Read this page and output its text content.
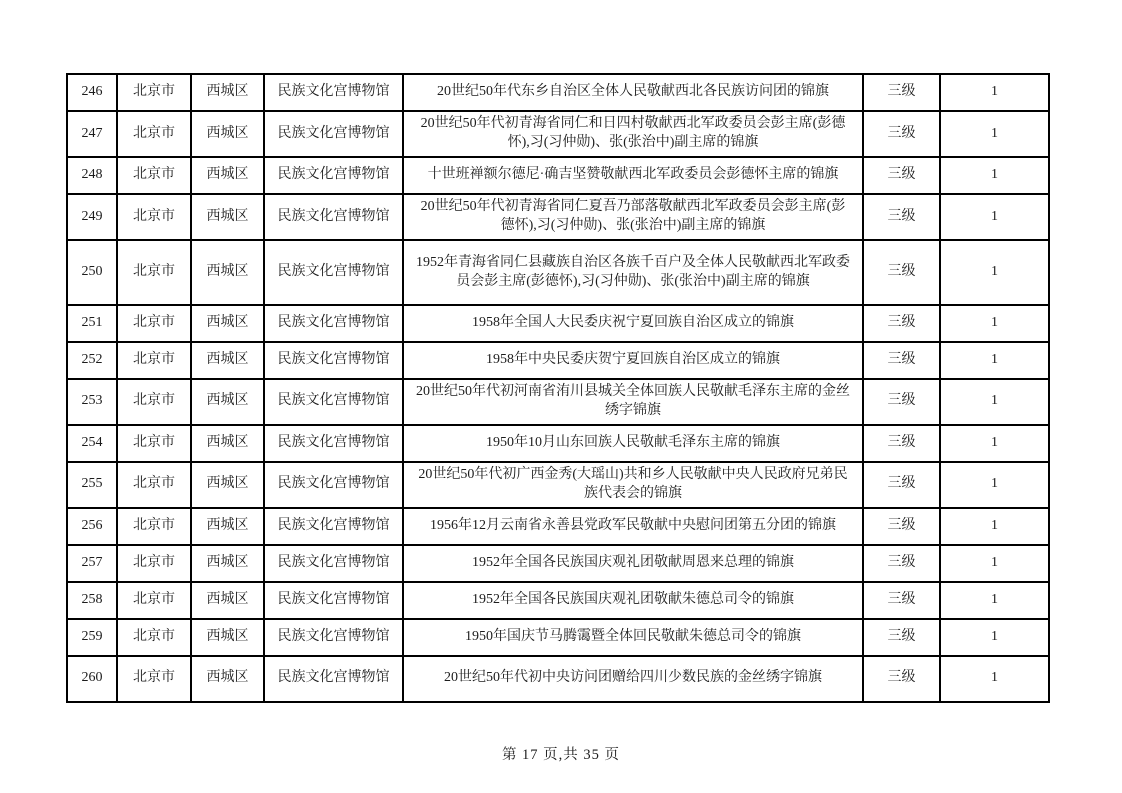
246	北京市	西城区	民族文化宫博物馆	20世纪50年代东乡自治区全体人民敬献西北各民族访问团的锦旗	三级	1
247	北京市	西城区	民族文化宫博物馆	20世纪50年代初青海省同仁和日四村敬献西北军政委员会彭主席(彭德怀),习(习仲勋)、张(张治中)副主席的锦旗	三级	1
248	北京市	西城区	民族文化宫博物馆	十世班禅额尔德尼·确吉坚赞敬献西北军政委员会彭德怀主席的锦旗	三级	1
249	北京市	西城区	民族文化宫博物馆	20世纪50年代初青海省同仁夏吾乃部落敬献西北军政委员会彭主席(彭德怀),习(习仲勋)、张(张治中)副主席的锦旗	三级	1
250	北京市	西城区	民族文化宫博物馆	1952年青海省同仁县藏族自治区各族千百户及全体人民敬献西北军政委员会彭主席(彭德怀),习(习仲勋)、张(张治中)副主席的锦旗	三级	1
251	北京市	西城区	民族文化宫博物馆	1958年全国人大民委庆祝宁夏回族自治区成立的锦旗	三级	1
252	北京市	西城区	民族文化宫博物馆	1958年中央民委庆贺宁夏回族自治区成立的锦旗	三级	1
253	北京市	西城区	民族文化宫博物馆	20世纪50年代初河南省洧川县城关全体回族人民敬献毛泽东主席的金丝绣字锦旗	三级	1
254	北京市	西城区	民族文化宫博物馆	1950年10月山东回族人民敬献毛泽东主席的锦旗	三级	1
255	北京市	西城区	民族文化宫博物馆	20世纪50年代初广西金秀(大瑶山)共和乡人民敬献中央人民政府兄弟民族代表会的锦旗	三级	1
256	北京市	西城区	民族文化宫博物馆	1956年12月云南省永善县党政军民敬献中央慰问团第五分团的锦旗	三级	1
257	北京市	西城区	民族文化宫博物馆	1952年全国各民族国庆观礼团敬献周恩来总理的锦旗	三级	1
258	北京市	西城区	民族文化宫博物馆	1952年全国各民族国庆观礼团敬献朱德总司令的锦旗	三级	1
259	北京市	西城区	民族文化宫博物馆	1950年国庆节马腾霭暨全体回民敬献朱德总司令的锦旗	三级	1
260	北京市	西城区	民族文化宫博物馆	20世纪50年代初中央访问团赠给四川少数民族的金丝绣字锦旗	三级	1
第 17 页,共 35 页
